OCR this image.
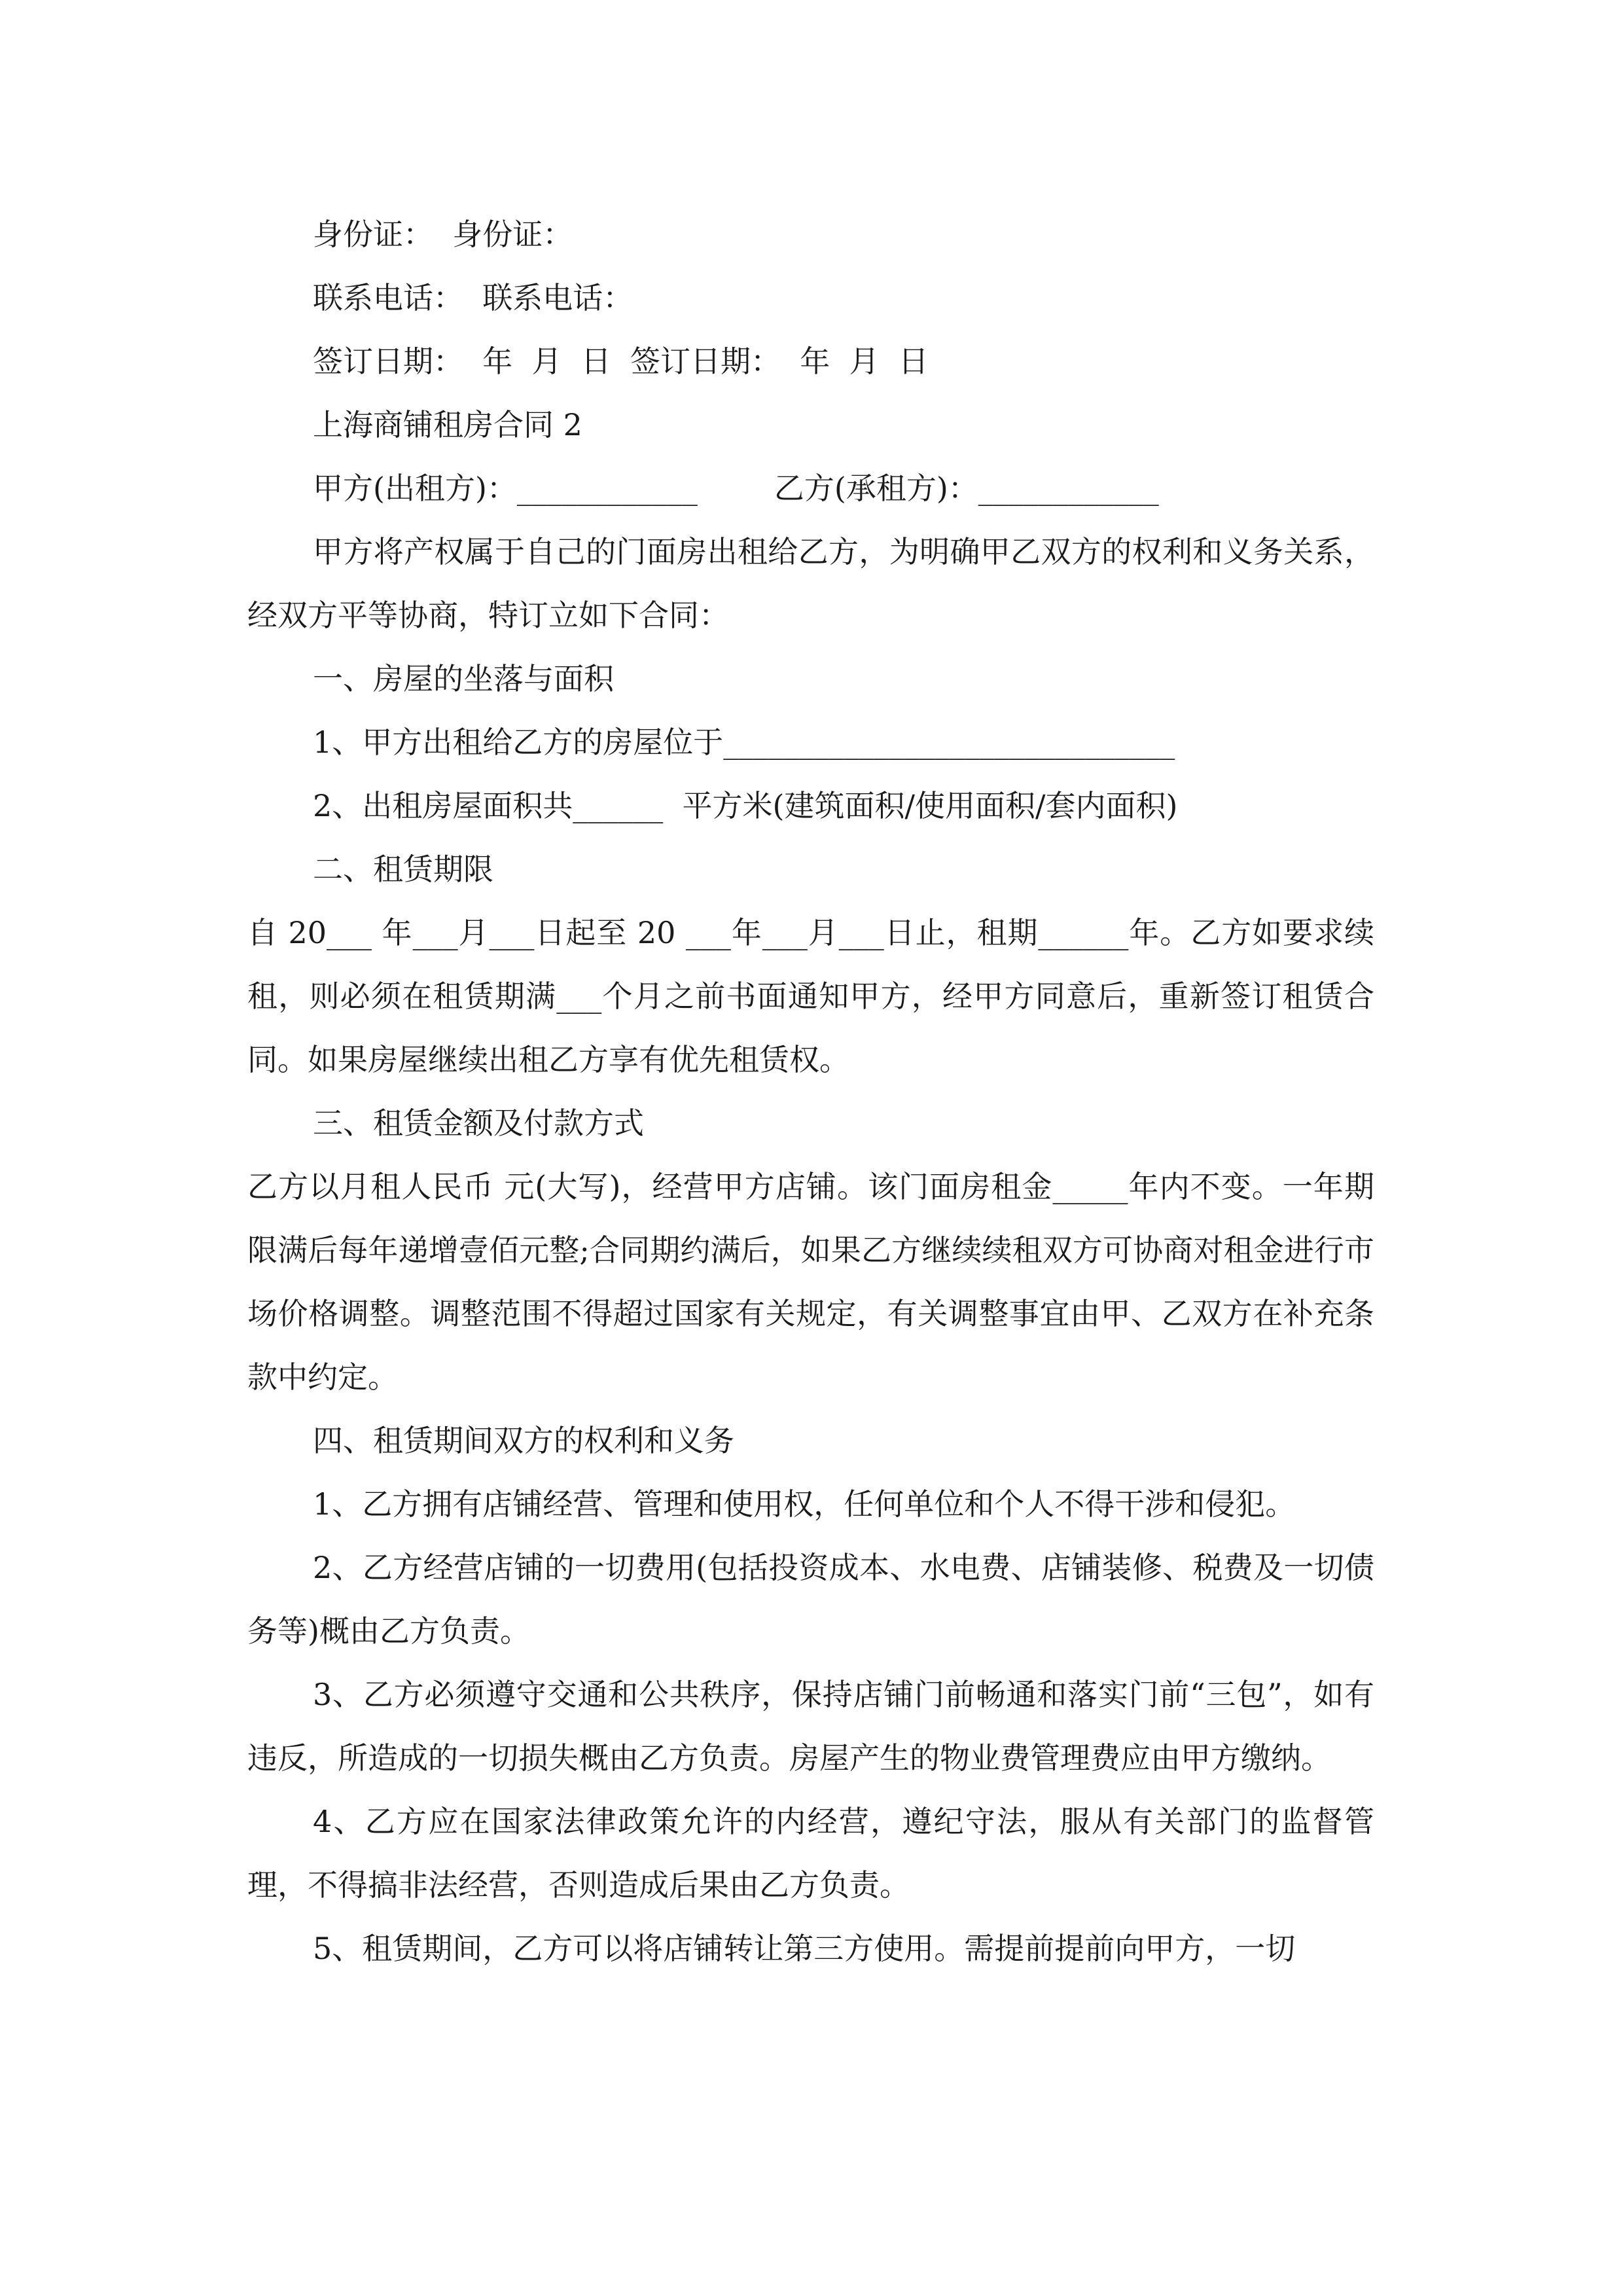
身份证：  身份证：

联系电话：  联系电话：

签订日期：  年  月  日  签订日期：  年  月  日

上海商铺租房合同 2

甲方(出租方)：____________        乙方(承租方)：____________

甲方将产权属于自己的门面房出租给乙方，为明确甲乙双方的权利和义务关系，经双方平等协商，特订立如下合同：

一、房屋的坐落与面积

1、甲方出租给乙方的房屋位于______________________________

2、出租房屋面积共______  平方米(建筑面积/使用面积/套内面积)

二、租赁期限

自 20___ 年___月___日起至 20 ___年___月___日止，租期______年。乙方如要求续租，则必须在租赁期满___个月之前书面通知甲方，经甲方同意后，重新签订租赁合同。如果房屋继续出租乙方享有优先租赁权。

三、租赁金额及付款方式

乙方以月租人民币 元(大写)，经营甲方店铺。该门面房租金_____年内不变。一年期限满后每年递增壹佰元整;合同期约满后，如果乙方继续续租双方可协商对租金进行市场价格调整。调整范围不得超过国家有关规定，有关调整事宜由甲、乙双方在补充条款中约定。

四、租赁期间双方的权利和义务

1、乙方拥有店铺经营、管理和使用权，任何单位和个人不得干涉和侵犯。

2、乙方经营店铺的一切费用(包括投资成本、水电费、店铺装修、税费及一切债务等)概由乙方负责。

3、乙方必须遵守交通和公共秩序，保持店铺门前畅通和落实门前“三包”，如有违反，所造成的一切损失概由乙方负责。房屋产生的物业费管理费应由甲方缴纳。

4、乙方应在国家法律政策允许的内经营，遵纪守法，服从有关部门的监督管理，不得搞非法经营，否则造成后果由乙方负责。

5、租赁期间，乙方可以将店铺转让第三方使用。需提前提前向甲方，一切
